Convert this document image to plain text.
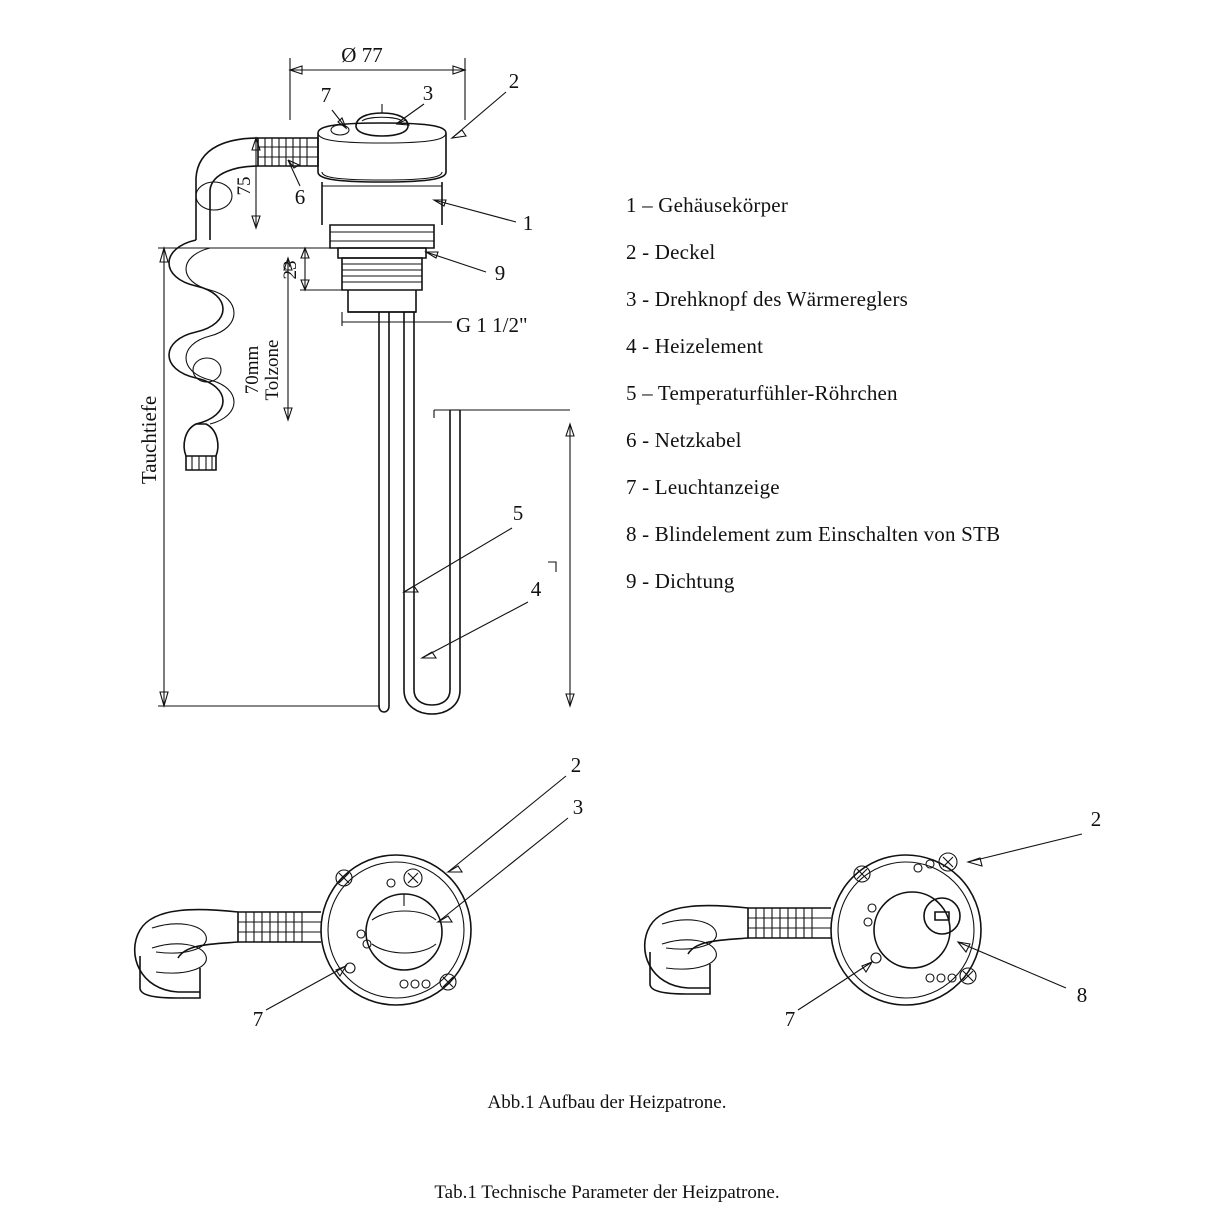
Ø 77
75
23
70mm Tolzone
Tauchtiefe
G 1 1/2"
7	3	2
6
1
9
5
4
2
3
7
2
7
8
1 – Gehäusekörper
2 - Deckel
3 - Drehknopf des Wärmereglers
4 - Heizelement
5 – Temperaturfühler-Röhrchen
6 - Netzkabel
7 - Leuchtanzeige
8 - Blindelement zum Einschalten von STB
9 - Dichtung
Abb.1 Aufbau der Heizpatrone.
Tab.1 Technische Parameter der Heizpatrone.
